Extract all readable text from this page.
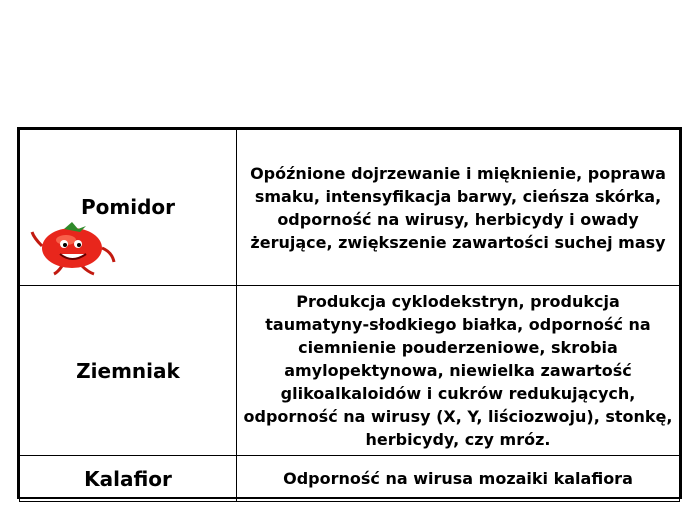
Pomidor	Opóźnione dojrzewanie i mięknienie, poprawa smaku, intensyfikacja barwy, cieńsza skórka, odporność na wirusy, herbicydy i owady żerujące, zwiększenie zawartości suchej masy
Ziemniak	Produkcja cyklodekstryn, produkcja taumatyny-słodkiego białka, odporność na ciemnienie pouderzeniowe, skrobia amylopektynowa, niewielka zawartość glikoalkaloidów i cukrów redukujących, odporność na wirusy (X, Y, liściozwoju), stonkę, herbicydy, czy mróz.
Kalafior	Odporność na wirusa mozaiki kalafiora
